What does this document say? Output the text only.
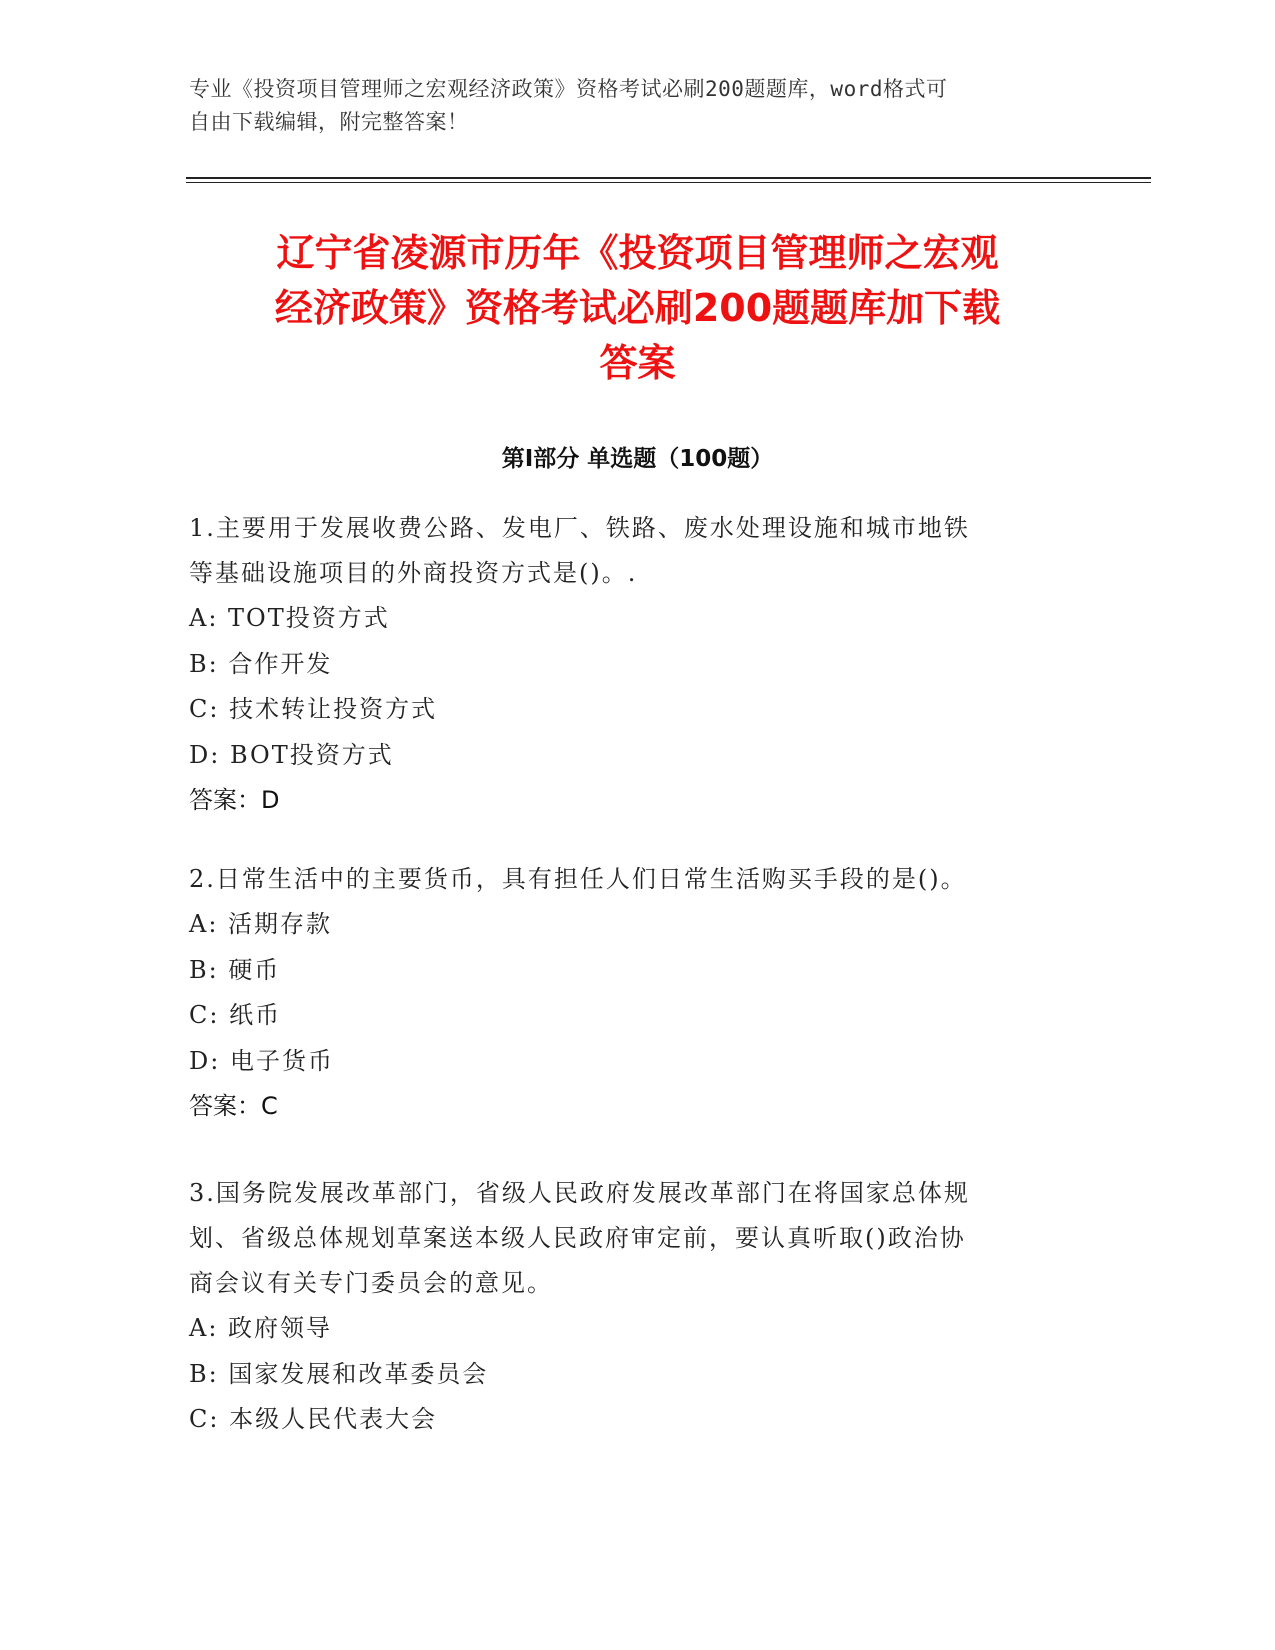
专业《投资项目管理师之宏观经济政策》资格考试必刷200题题库，word格式可
自由下载编辑，附完整答案！
辽宁省凌源市历年《投资项目管理师之宏观
经济政策》资格考试必刷200题题库加下载
答案
第Ⅰ部分 单选题（100题）
1.主要用于发展收费公路、发电厂、铁路、废水处理设施和城市地铁
等基础设施项目的外商投资方式是()。.
A: TOT投资方式
B: 合作开发
C: 技术转让投资方式
D: BOT投资方式
答案：D
2.日常生活中的主要货币，具有担任人们日常生活购买手段的是()。
A: 活期存款
B: 硬币
C: 纸币
D: 电子货币
答案：C
3.国务院发展改革部门，省级人民政府发展改革部门在将国家总体规
划、省级总体规划草案送本级人民政府审定前，要认真听取()政治协
商会议有关专门委员会的意见。
A: 政府领导
B: 国家发展和改革委员会
C: 本级人民代表大会
